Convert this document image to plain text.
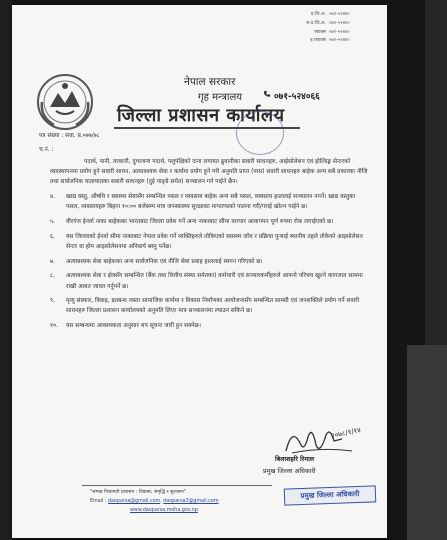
नेपाल सरकार
गृह मन्त्रालय
जिल्ला प्रशासन कार्यालय
प्र.जि.अ. ०७१-५२४४०
स.प्र.जि.अ. ०७१-५२४४०
फ्याक्स ०७१-५२४४०
इ.फ्याक्स ०७१-५२४४०
०७१-५२४०६६
पत्र संख्या : सवा. प्र.०७७/७८
च.नं. :

पदार्थ, पानी, तरकारी, दुग्धजन्य पदार्थ, पशुपंक्षिको दाना लगायत ढुवानीका सवारी साधनहरु, आईसोलेशन एवं होल्डिङ्ग सेन्टरको व्यवस्थापनमा प्रयोग हुने सवारी साधन, अत्यावश्यक सेवा र कार्यमा प्रयोग हुने गरी अनुमति प्राप्त (पास) सवारी साधनहरु बाहेक अन्य सबै प्रकारका नीजि तथा सार्वजनिक यातायातका सवारी साधनहरु (दुई पाङ्ग्रे समेत) सञ्चालन गर्न पाईने छैन।

४.	खाद्य वस्तु, औषधि र स्वास्थ्य सेवासँग सम्बन्धित पसल र व्यवसाय बाहेक अन्य सबै पसल, व्यवसाय हाललाई सञ्चालन नगर्ने। खाद्य वस्तुका पसल, व्यवसायहरु बिहान १०:०० बजेसम्म मात्र जनस्वास्थ्य सुरक्षाका मापदण्डको पालना गरी/गराई खोल्न पाईने छ।
५.	वीरगंज ईनर्वा नाका बाहेकका भारतबाट जिल्ला प्रवेश गर्ने अन्य नाकाबाट सीमा वारपार आवागमन पूर्ण रुपमा रोक लगाईएको छ।
६.	यस जिल्लाको ईनर्वा सीमा नाकाबाट नेपाल प्रवेश गर्ने व्यक्तिहरुले तोकिएको स्वास्थ्य जाँच र प्रक्रिया पुऱ्याई स्थानीय तहले तोकेको आइसोलेसन सेन्टर वा होम आइसोलेसनमा अनिवार्य बस्नु पर्नेछ।
७.	अत्यावश्यक सेवा बाहेकका अन्य सार्वजनिक एवं नीजि सेवा प्रवाह हाललाई स्थगन गरिएको छ।
८.	अत्यावश्यक सेवा र क्षेत्रसँग सम्बन्धित (बैंक तथा वित्तीय संस्था समेतका) कर्मचारी एवं सञ्चारकर्मीहरुले आफ्नो परिचय खुल्ने कागजात साथमा राखी आवत जावत गर्नुपर्ने छ।
९.	मृत्यु संस्कार, विवाह, व्रतबन्ध जस्ता सामाजिक कार्यमा र विकास निर्माणका आयोजनासँग सम्बन्धित सामग्री एवं जनशक्तिले प्रयोग गर्ने सवारी साधनहरु जिल्ला प्रशासन कार्यालयको अनुमति लिएर मात्र सञ्चालनमा ल्याउन सकिने छ।
१०.	यस सम्बन्धमा आवश्यकता अनुसार थप सूचना जारी हुन सक्नेछ।
२०७८/१/१४
बिलाशहरि रिमाल
प्रमुख जिल्ला अधिकारी
"सम्पन्न निजामती प्रशासन : विकास, समृद्धि र सुशासन"
Email : daoparsa@gmail.com, daoparsa3@gmail.com
www.daoparsa.moha.gov.np
प्रमुख जिल्ला अधिकारी
